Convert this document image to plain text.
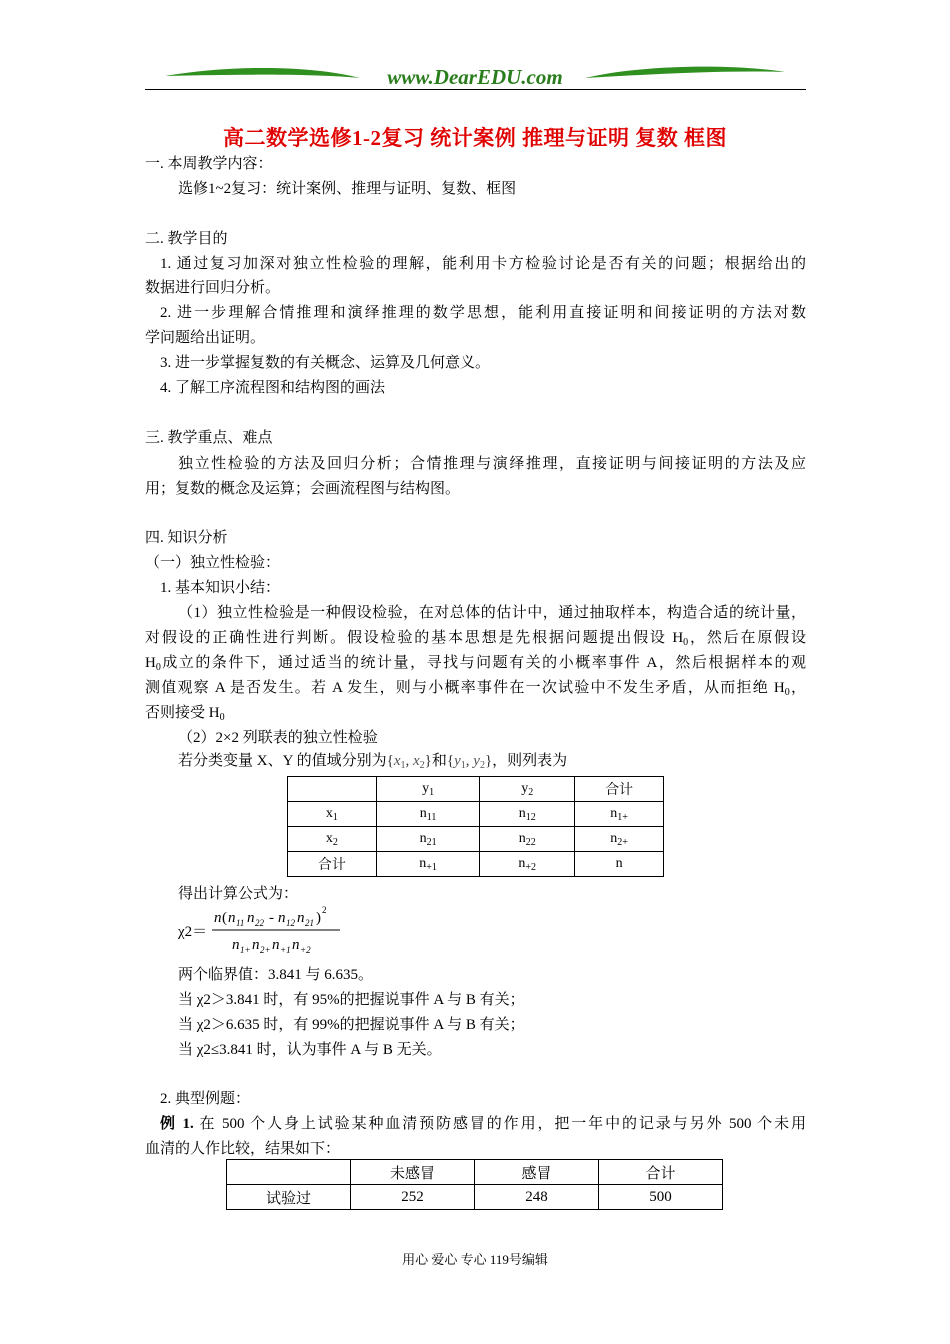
www.DearEDU.com
高二数学选修1-2复习 统计案例 推理与证明 复数 框图
一. 本周教学内容：
选修1~2复习：统计案例、推理与证明、复数、框图
二. 教学目的
1. 通过复习加深对独立性检验的理解，能利用卡方检验讨论是否有关的问题；根据给出的
数据进行回归分析。
2. 进一步理解合情推理和演绎推理的数学思想，能利用直接证明和间接证明的方法对数
学问题给出证明。
3. 进一步掌握复数的有关概念、运算及几何意义。
4. 了解工序流程图和结构图的画法
三. 教学重点、难点
独立性检验的方法及回归分析；合情推理与演绎推理，直接证明与间接证明的方法及应
用；复数的概念及运算；会画流程图与结构图。
四. 知识分析
（一）独立性检验：
1. 基本知识小结：
（1）独立性检验是一种假设检验，在对总体的估计中，通过抽取样本，构造合适的统计量，
对假设的正确性进行判断。假设检验的基本思想是先根据问题提出假设 $H_0$，然后在原假设
$H_0$成立的条件下，通过适当的统计量，寻找与问题有关的小概率事件 A，然后根据样本的观
测值观察 A 是否发生。若 A 发生，则与小概率事件在一次试验中不发生矛盾，从而拒绝 $H_0$，
否则接受 $H_0$
（2）2×2 列联表的独立性检验
若分类变量 X、Y 的值域分别为{$x_1$, $x_2$}和{$y_1$, $y_2$}，则列表为
	$y_1$	$y_2$	合计
$x_1$	$n_{11}$	$n_{12}$	$n_{1+}$
$x_2$	$n_{21}$	$n_{22}$	$n_{2+}$
合计	$n_{+1}$	$n_{+2}$	n
得出计算公式为：
χ2＝
n ( n 11 n 22 - n 12 n 21 ) 2
n 1+ n 2+ n +1 n +2
两个临界值：3.841 与 6.635。
当 χ2＞3.841 时，有 95%的把握说事件 A 与 B 有关；
当 χ2＞6.635 时，有 99%的把握说事件 A 与 B 有关；
当 χ2≤3.841 时，认为事件 A 与 B 无关。
2. 典型例题：
例 1. 在 500 个人身上试验某种血清预防感冒的作用，把一年中的记录与另外 500 个未用
血清的人作比较，结果如下：
	未感冒	感冒	合计
试验过	252	248	500
用心 爱心 专心 119号编辑
